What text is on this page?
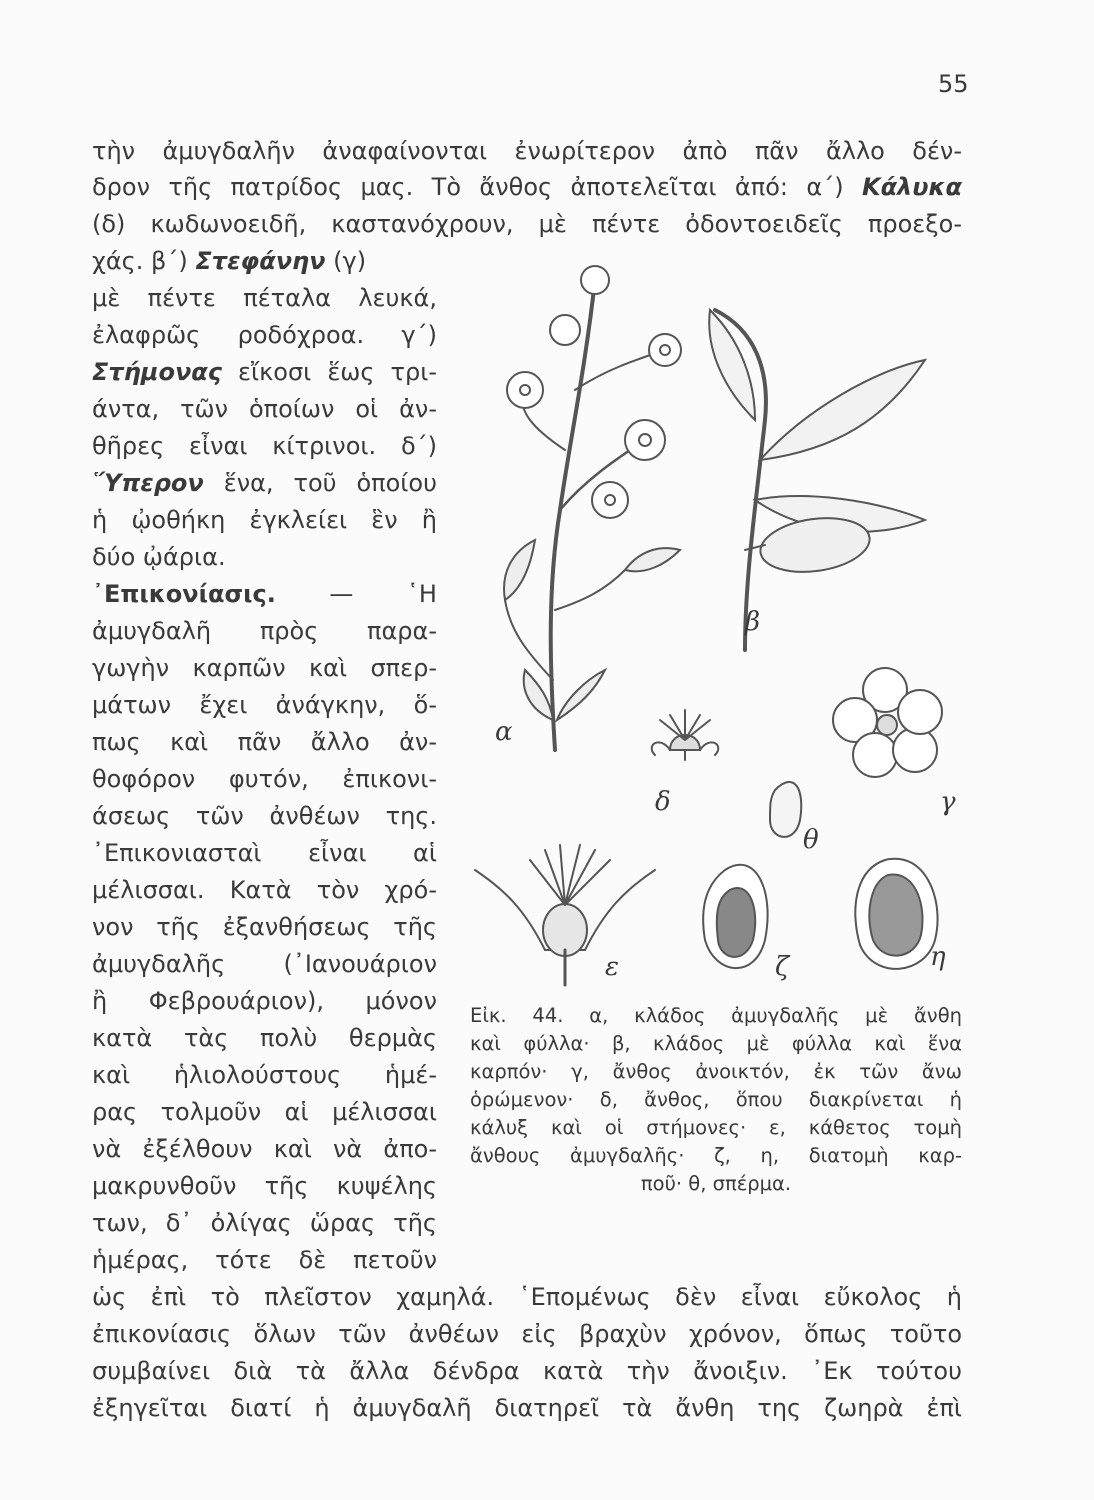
55
τὴν ἀμυγδαλῆν ἀναφαίνονται ἐνωρίτερον ἀπὸ πᾶν ἄλλο δέν-
δρον τῆς πατρίδος μας. Τὸ ἄνθος ἀποτελεῖται ἀπό: α΄) Κάλυκα
(δ) κωδωνοειδῆ, καστανόχρουν, μὲ πέντε ὀδοντοειδεῖς προεξο-
χάς. β΄) Στεφάνην (γ)
μὲ πέντε πέταλα λευκά,
ἐλαφρῶς ροδόχροα. γ΄)
Στήμονας εἴκοσι ἕως τρι-
άντα, τῶν ὁποίων οἱ ἀν-
θῆρες εἶναι κίτρινοι. δ΄)
῞Υπερον ἕνα, τοῦ ὁποίου
ἡ ᾠοθήκη ἐγκλείει ἓν ἢ
δύο ᾠάρια.
᾿Επικονίασις. — ῾Η
ἀμυγδαλῆ πρὸς παρα-
γωγὴν καρπῶν καὶ σπερ-
μάτων ἔχει ἀνάγκην, ὅ-
πως καὶ πᾶν ἄλλο ἀν-
θοφόρον φυτόν, ἐπικονι-
άσεως τῶν ἀνθέων της.
᾿Επικονιασταὶ εἶναι αἱ
μέλισσαι. Κατὰ τὸν χρό-
νον τῆς ἐξανθήσεως τῆς
ἀμυγδαλῆς (᾿Ιανουάριον
ἢ Φεβρουάριον), μόνον
κατὰ τὰς πολὺ θερμὰς
καὶ ἡλιολούστους ἡμέ-
ρας τολμοῦν αἱ μέλισσαι
νὰ ἐξέλθουν καὶ νὰ ἀπο-
μακρυνθοῦν τῆς κυψέλης
των, δ᾿ ὀλίγας ὥρας τῆς
ἡμέρας, τότε δὲ πετοῦν
ὡς ἐπὶ τὸ πλεῖστον χαμηλά. ῾Επομένως δὲν εἶναι εὔκολος ἡ
ἐπικονίασις ὅλων τῶν ἀνθέων εἰς βραχὺν χρόνον, ὅπως τοῦτο
συμβαίνει διὰ τὰ ἄλλα δένδρα κατὰ τὴν ἄνοιξιν. ᾿Εκ τούτου
ἐξηγεῖται διατί ἡ ἀμυγδαλῆ διατηρεῖ τὰ ἄνθη της ζωηρὰ ἐπὶ
α
β
γ
δ
ε	ζ	η
θ
Εἰκ. 44. α, κλάδος ἀμυγδαλῆς μὲ ἄνθη
καὶ φύλλα· β, κλάδος μὲ φύλλα καὶ ἕνα
καρπόν· γ, ἄνθος ἀνοικτόν, ἐκ τῶν ἄνω
ὁρώμενον· δ, ἄνθος, ὅπου διακρίνεται ἡ
κάλυξ καὶ οἱ στήμονες· ε, κάθετος τομὴ
ἄνθους ἀμυγδαλῆς· ζ, η, διατομὴ καρ-
ποῦ· θ, σπέρμα.
